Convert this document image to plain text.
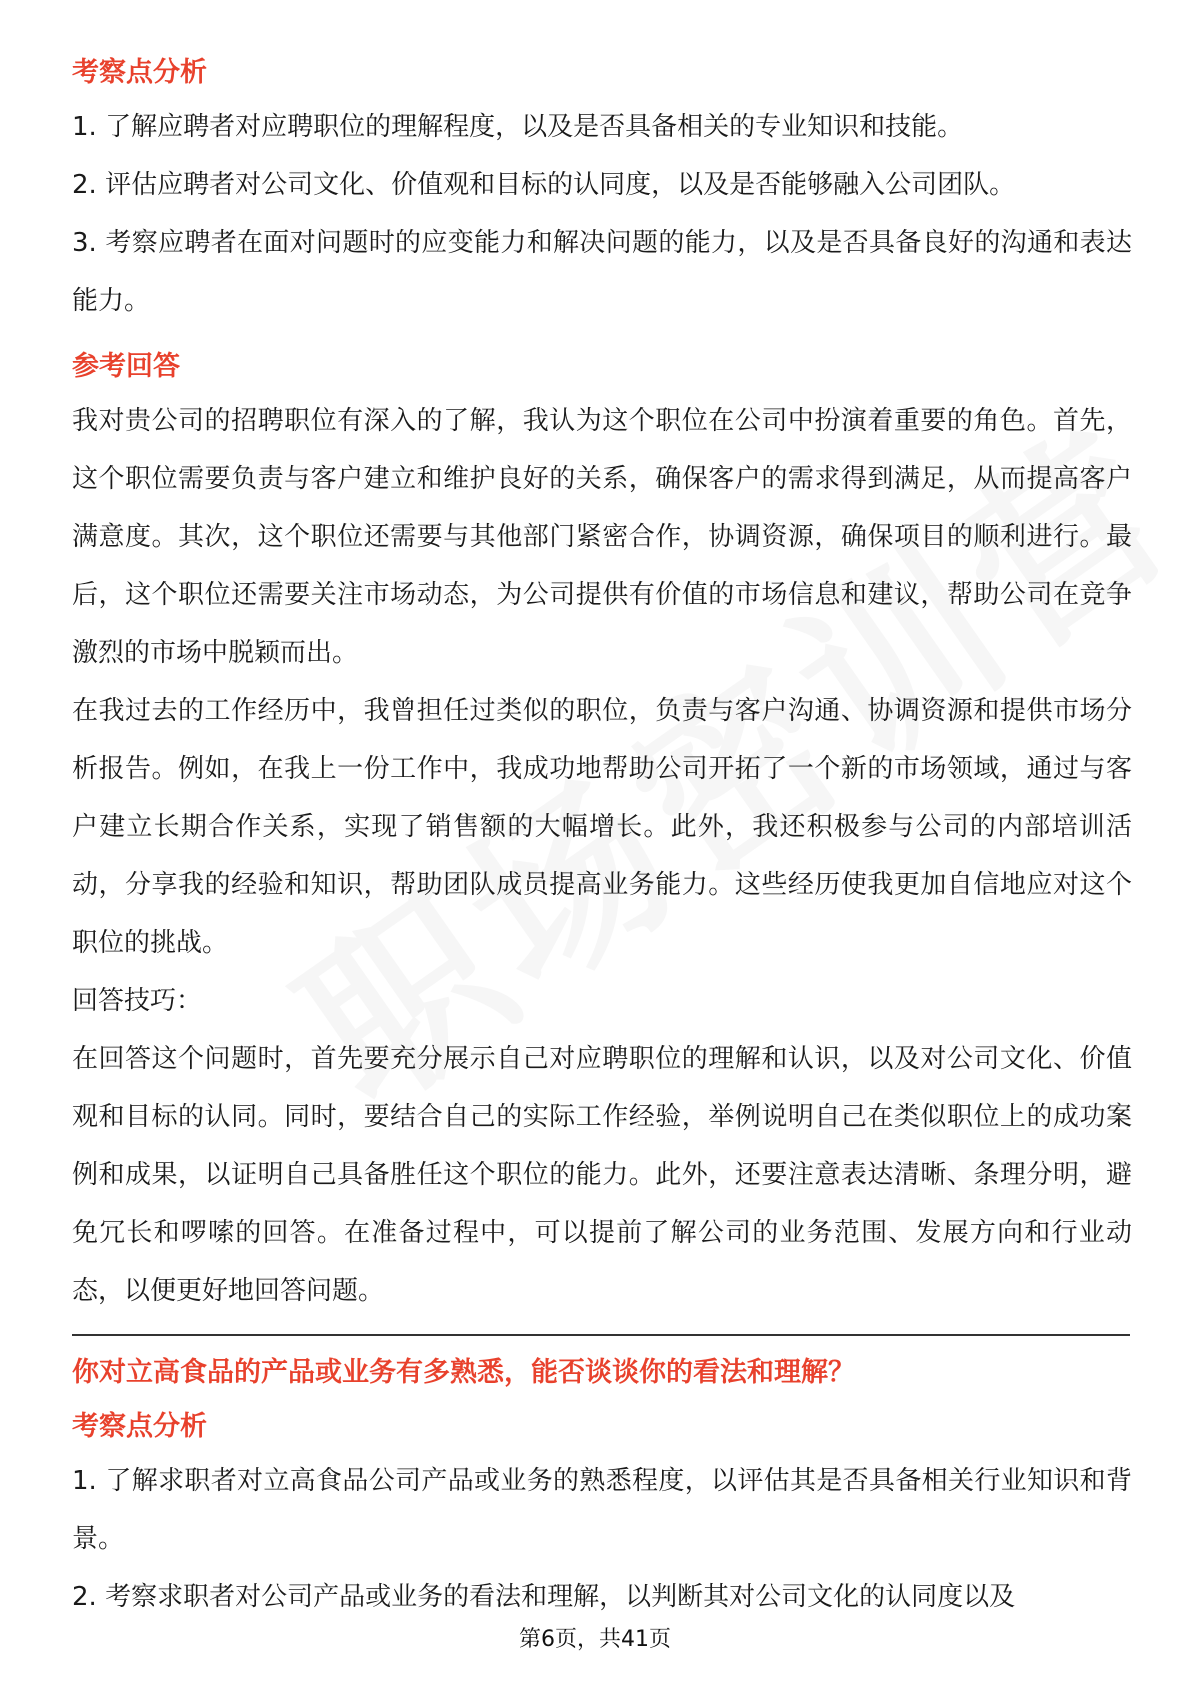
考察点分析

1. 了解应聘者对应聘职位的理解程度，以及是否具备相关的专业知识和技能。

2. 评估应聘者对公司文化、价值观和目标的认同度，以及是否能够融入公司团队。

3. 考察应聘者在面对问题时的应变能力和解决问题的能力，以及是否具备良好的沟通和表达能力。

参考回答

我对贵公司的招聘职位有深入的了解，我认为这个职位在公司中扮演着重要的角色。首先，这个职位需要负责与客户建立和维护良好的关系，确保客户的需求得到满足，从而提高客户满意度。其次，这个职位还需要与其他部门紧密合作，协调资源，确保项目的顺利进行。最后，这个职位还需要关注市场动态，为公司提供有价值的市场信息和建议，帮助公司在竞争激烈的市场中脱颖而出。

在我过去的工作经历中，我曾担任过类似的职位，负责与客户沟通、协调资源和提供市场分析报告。例如，在我上一份工作中，我成功地帮助公司开拓了一个新的市场领域，通过与客户建立长期合作关系，实现了销售额的大幅增长。此外，我还积极参与公司的内部培训活动，分享我的经验和知识，帮助团队成员提高业务能力。这些经历使我更加自信地应对这个职位的挑战。

回答技巧：

在回答这个问题时，首先要充分展示自己对应聘职位的理解和认识，以及对公司文化、价值观和目标的认同。同时，要结合自己的实际工作经验，举例说明自己在类似职位上的成功案例和成果，以证明自己具备胜任这个职位的能力。此外，还要注意表达清晰、条理分明，避免冗长和啰嗦的回答。在准备过程中，可以提前了解公司的业务范围、发展方向和行业动态，以便更好地回答问题。

你对立高食品的产品或业务有多熟悉，能否谈谈你的看法和理解？
考察点分析

1. 了解求职者对立高食品公司产品或业务的熟悉程度，以评估其是否具备相关行业知识和背景。

2. 考察求职者对公司产品或业务的看法和理解，以判断其对公司文化的认同度以及

第6页，共41页
